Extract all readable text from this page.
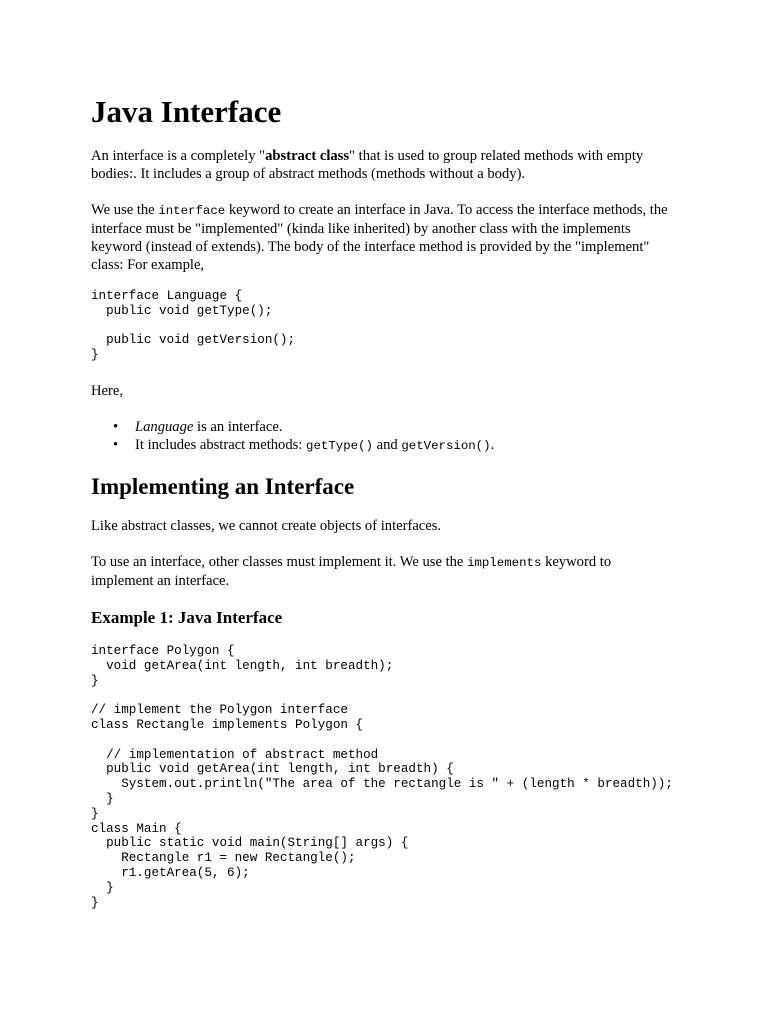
Java Interface

An interface is a completely "abstract class" that is used to group related methods with empty bodies:. It includes a group of abstract methods (methods without a body).

We use the interface keyword to create an interface in Java. To access the interface methods, the interface must be "implemented" (kinda like inherited) by another class with the implements keyword (instead of extends). The body of the interface method is provided by the "implement" class: For example,

interface Language {
public void getType();

public void getVersion();
}

Here,

• Language is an interface.
• It includes abstract methods: getType() and getVersion().
Implementing an Interface

Like abstract classes, we cannot create objects of interfaces.

To use an interface, other classes must implement it. We use the implements keyword to implement an interface.

Example 1: Java Interface
interface Polygon {
void getArea(int length, int breadth);
}

// implement the Polygon interface
class Rectangle implements Polygon {

// implementation of abstract method
public void getArea(int length, int breadth) {
System.out.println("The area of the rectangle is " + (length * breadth));
}
}
class Main {
public static void main(String[] args) {
Rectangle r1 = new Rectangle();
r1.getArea(5, 6);
}
}
